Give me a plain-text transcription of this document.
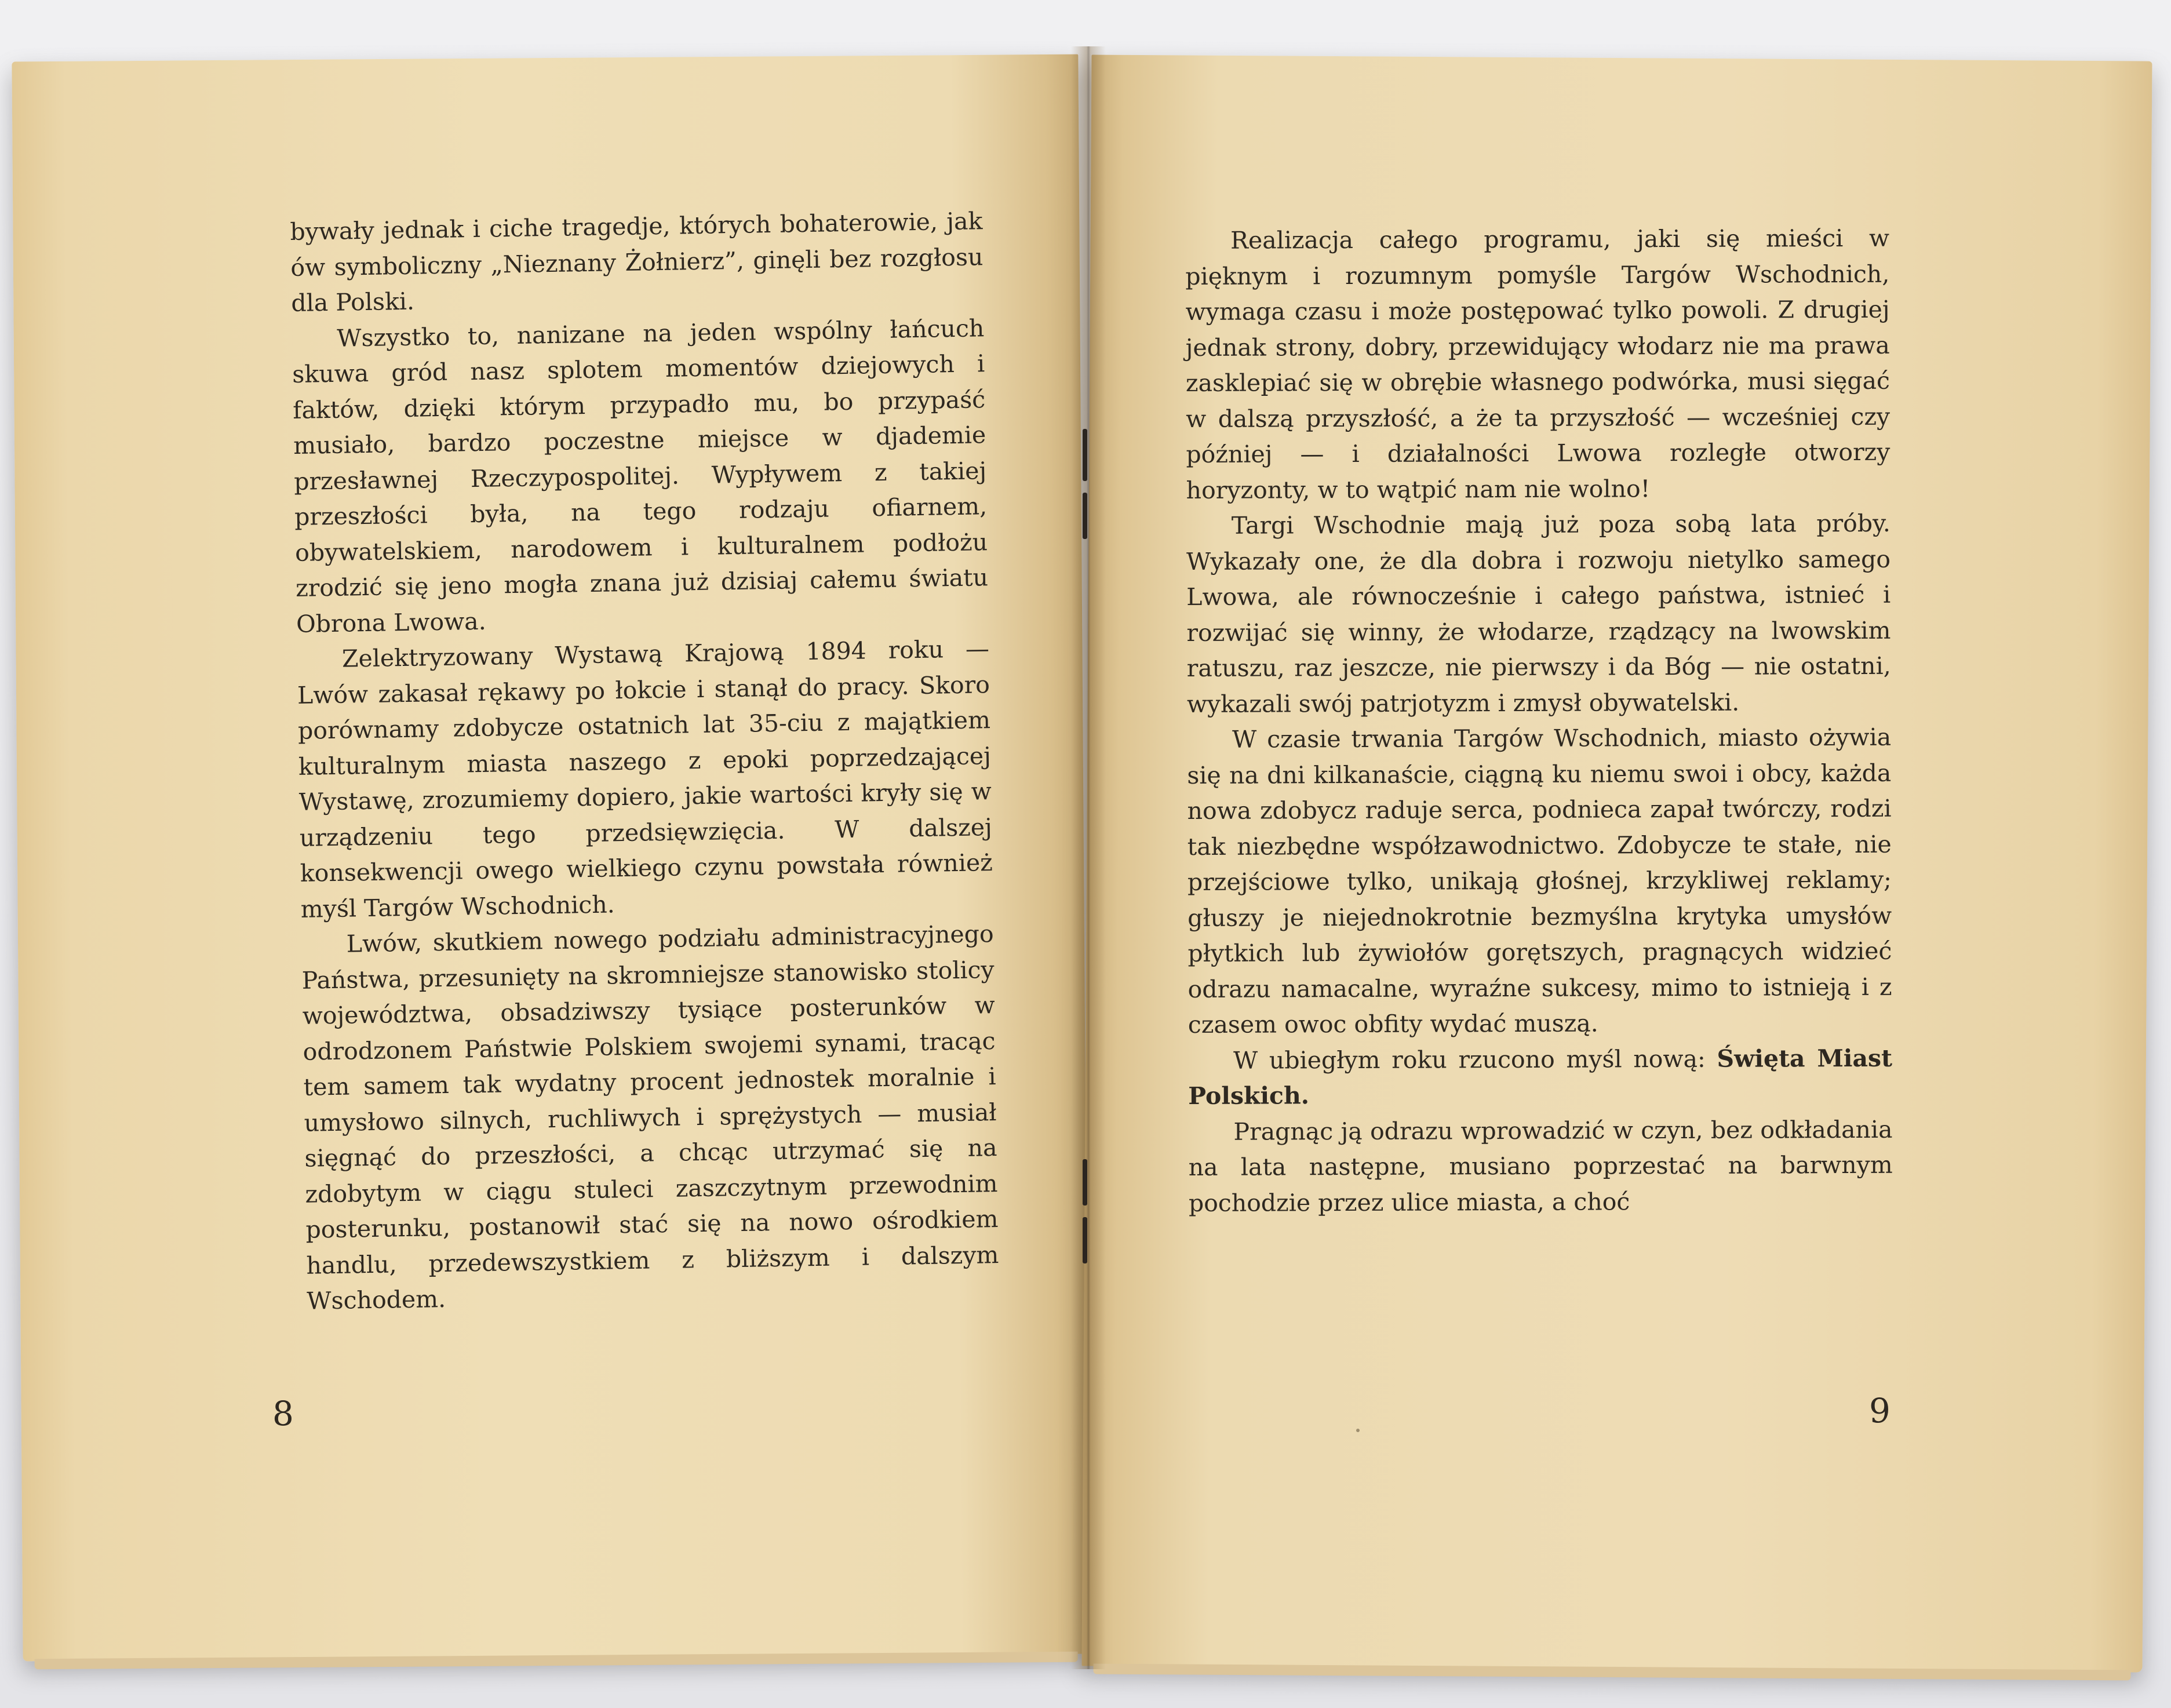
bywały jednak i ciche tragedje, których bohaterowie, jak ów symboliczny „Nieznany Żołnierz”, ginęli bez rozgłosu dla Polski.

Wszystko to, nanizane na jeden wspólny łańcuch skuwa gród nasz splotem momentów dziejowych i faktów, dzięki którym przypadło mu, bo przypaść musiało, bardzo poczestne miejsce w djademie przesławnej Rzeczypospolitej. Wypływem z takiej przeszłości była, na tego rodzaju ofiarnem, obywatelskiem, narodowem i kulturalnem podłożu zrodzić się jeno mogła znana już dzisiaj całemu światu Obrona Lwowa.

Zelektryzowany Wystawą Krajową 1894 roku — Lwów zakasał rękawy po łokcie i stanął do pracy. Skoro porównamy zdobycze ostatnich lat 35-ciu z majątkiem kulturalnym miasta naszego z epoki poprzedzającej Wystawę, zrozumiemy dopiero, jakie wartości kryły się w urządzeniu tego przedsięwzięcia. W dalszej konsekwencji owego wielkiego czynu powstała również myśl Targów Wschodnich.

Lwów, skutkiem nowego podziału administracyjnego Państwa, przesunięty na skromniejsze stanowisko stolicy województwa, obsadziwszy tysiące posterunków w odrodzonem Państwie Polskiem swojemi synami, tracąc tem samem tak wydatny procent jednostek moralnie i umysłowo silnych, ruchliwych i sprężystych — musiał sięgnąć do przeszłości, a chcąc utrzymać się na zdobytym w ciągu stuleci zaszczytnym przewodnim posterunku, postanowił stać się na nowo ośrodkiem handlu, przedewszystkiem z bliższym i dalszym Wschodem.

Realizacja całego programu, jaki się mieści w pięknym i rozumnym pomyśle Targów Wschodnich, wymaga czasu i może postępować tylko powoli. Z drugiej jednak strony, dobry, przewidujący włodarz nie ma prawa zasklepiać się w obrębie własnego podwórka, musi sięgać w dalszą przyszłość, a że ta przyszłość — wcześniej czy później — i działalności Lwowa rozległe otworzy horyzonty, w to wątpić nam nie wolno!

Targi Wschodnie mają już poza sobą lata próby. Wykazały one, że dla dobra i rozwoju nietylko samego Lwowa, ale równocześnie i całego państwa, istnieć i rozwijać się winny, że włodarze, rządzący na lwowskim ratuszu, raz jeszcze, nie pierwszy i da Bóg — nie ostatni, wykazali swój patrjotyzm i zmysł obywatelski.

W czasie trwania Targów Wschodnich, miasto ożywia się na dni kilkanaście, ciągną ku niemu swoi i obcy, każda nowa zdobycz raduje serca, podnieca zapał twórczy, rodzi tak niezbędne współzawodnictwo. Zdobycze te stałe, nie przejściowe tylko, unikają głośnej, krzykliwej reklamy; głuszy je niejednokrotnie bezmyślna krytyka umysłów płytkich lub żywiołów gorętszych, pragnących widzieć odrazu namacalne, wyraźne sukcesy, mimo to istnieją i z czasem owoc obfity wydać muszą.

W ubiegłym roku rzucono myśl nową: Święta Miast Polskich.

Pragnąc ją odrazu wprowadzić w czyn, bez odkładania na lata następne, musiano poprzestać na barwnym pochodzie przez ulice miasta, a choć

8	9
